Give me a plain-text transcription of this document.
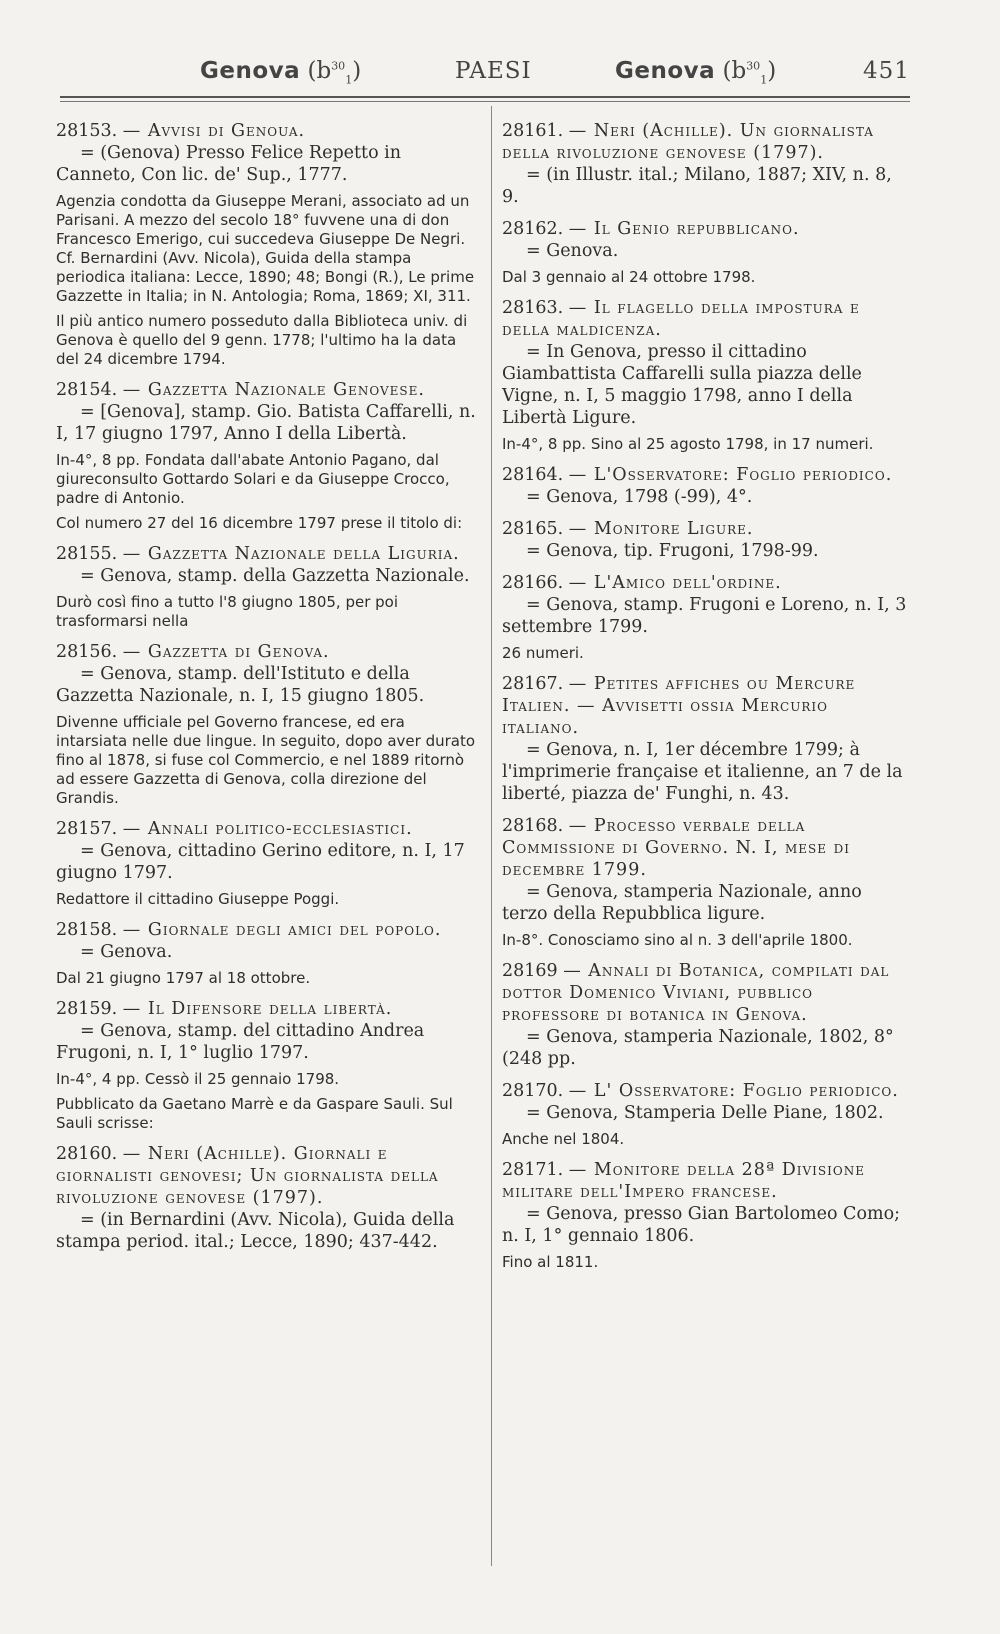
Genova $(b^{30}_1)$	PAESI	Genova $(b^{30}_1)$	451

28153. — Avvisi di Genoua.

= (Genova) Presso Felice Repetto in Canneto, Con lic. de' Sup., 1777.

Agenzia condotta da Giuseppe Merani, associato ad un Parisani. A mezzo del secolo 18° fuvvene una di don Francesco Emerigo, cui succedeva Giuseppe De Negri. Cf. Bernardini (Avv. Nicola), Guida della stampa periodica italiana: Lecce, 1890; 48; Bongi (R.), Le prime Gazzette in Italia; in N. Antologia; Roma, 1869; XI, 311.

Il più antico numero posseduto dalla Biblioteca univ. di Genova è quello del 9 genn. 1778; l'ultimo ha la data del 24 dicembre 1794.

28154. — Gazzetta Nazionale Genovese.

= [Genova], stamp. Gio. Batista Caffarelli, n. I, 17 giugno 1797, Anno I della Libertà.

In-4°, 8 pp. Fondata dall'abate Antonio Pagano, dal giureconsulto Gottardo Solari e da Giuseppe Crocco, padre di Antonio.

Col numero 27 del 16 dicembre 1797 prese il titolo di:

28155. — Gazzetta Nazionale della Liguria.

= Genova, stamp. della Gazzetta Nazionale.

Durò così fino a tutto l'8 giugno 1805, per poi trasformarsi nella

28156. — Gazzetta di Genova.

= Genova, stamp. dell'Istituto e della Gazzetta Nazionale, n. I, 15 giugno 1805.

Divenne ufficiale pel Governo francese, ed era intarsiata nelle due lingue. In seguito, dopo aver durato fino al 1878, si fuse col Commercio, e nel 1889 ritornò ad essere Gazzetta di Genova, colla direzione del Grandis.

28157. — Annali politico-ecclesiastici.

= Genova, cittadino Gerino editore, n. I, 17 giugno 1797.

Redattore il cittadino Giuseppe Poggi.

28158. — Giornale degli amici del popolo.

= Genova.

Dal 21 giugno 1797 al 18 ottobre.

28159. — Il Difensore della libertà.

= Genova, stamp. del cittadino Andrea Frugoni, n. I, 1° luglio 1797.

In-4°, 4 pp. Cessò il 25 gennaio 1798.

Pubblicato da Gaetano Marrè e da Gaspare Sauli. Sul Sauli scrisse:

28160. — Neri (Achille). Giornali e giornalisti genovesi; Un giornalista della rivoluzione genovese (1797).

= (in Bernardini (Avv. Nicola), Guida della stampa period. ital.; Lecce, 1890; 437-442.

28161. — Neri (Achille). Un giornalista della rivoluzione genovese (1797).

= (in Illustr. ital.; Milano, 1887; XIV, n. 8, 9.

28162. — Il Genio repubblicano.

= Genova.

Dal 3 gennaio al 24 ottobre 1798.

28163. — Il flagello della impostura e della maldicenza.

= In Genova, presso il cittadino Giambattista Caffarelli sulla piazza delle Vigne, n. I, 5 maggio 1798, anno I della Libertà Ligure.

In-4°, 8 pp. Sino al 25 agosto 1798, in 17 numeri.

28164. — L'Osservatore: Foglio periodico.

= Genova, 1798 (-99), 4°.

28165. — Monitore Ligure.

= Genova, tip. Frugoni, 1798-99.

28166. — L'Amico dell'ordine.

= Genova, stamp. Frugoni e Loreno, n. I, 3 settembre 1799.

26 numeri.

28167. — Petites affiches ou Mercure Italien. — Avvisetti ossia Mercurio italiano.

= Genova, n. I, 1er décembre 1799; à l'imprimerie française et italienne, an 7 de la liberté, piazza de' Funghi, n. 43.

28168. — Processo verbale della Commissione di Governo. N. I, mese di decembre 1799.

= Genova, stamperia Nazionale, anno terzo della Repubblica ligure.

In-8°. Conosciamo sino al n. 3 dell'aprile 1800.

28169 — Annali di Botanica, compilati dal dottor Domenico Viviani, pubblico professore di botanica in Genova.

= Genova, stamperia Nazionale, 1802, 8° (248 pp.

28170. — L' Osservatore: Foglio periodico.

= Genova, Stamperia Delle Piane, 1802.

Anche nel 1804.

28171. — Monitore della 28ª Divisione militare dell'Impero francese.

= Genova, presso Gian Bartolomeo Como; n. I, 1° gennaio 1806.

Fino al 1811.
